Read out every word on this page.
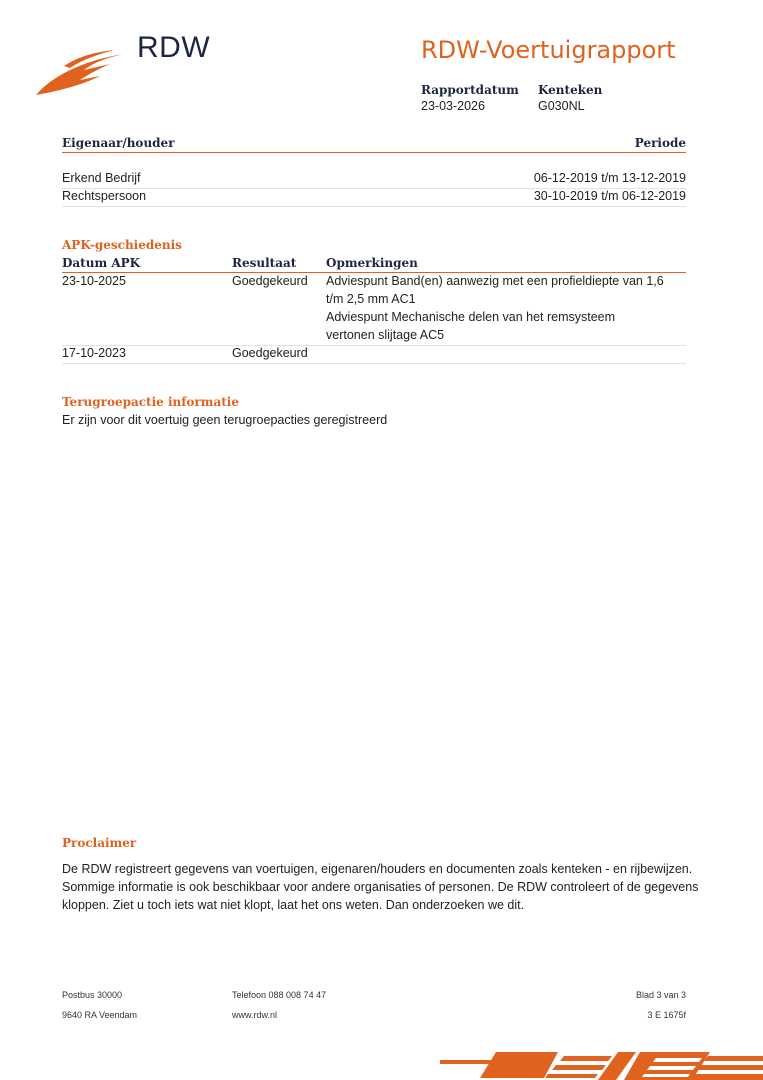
RDW	RDW-Voertuigrapport
Rapportdatum
23-03-2026
Kenteken
G030NL
Eigenaar/houder	Periode
Erkend Bedrijf	06-12-2019 t/m 13-12-2019
Rechtspersoon	30-10-2019 t/m 06-12-2019
APK-geschiedenis
Datum APK	Resultaat Opmerkingen
23-10-2025	Goedgekeurd Adviespunt Band(en) aanwezig met een profieldiepte van 1,6 t/m 2,5 mm AC1
Adviespunt Mechanische delen van het remsysteem vertonen slijtage AC5
17-10-2023	Goedgekeurd
Terugroepactie informatie
Er zijn voor dit voertuig geen terugroepacties geregistreerd
Proclaimer
De RDW registreert gegevens van voertuigen, eigenaren/houders en documenten zoals kenteken - en rijbewijzen. Sommige informatie is ook beschikbaar voor andere organisaties of personen. De RDW controleert of de gegevens kloppen. Ziet u toch iets wat niet klopt, laat het ons weten. Dan onderzoeken we dit.
Postbus 30000
9640 RA Veendam
Telefoon 088 008 74 47
www.rdw.nl
Blad 3 van 3
3 E 1675f
